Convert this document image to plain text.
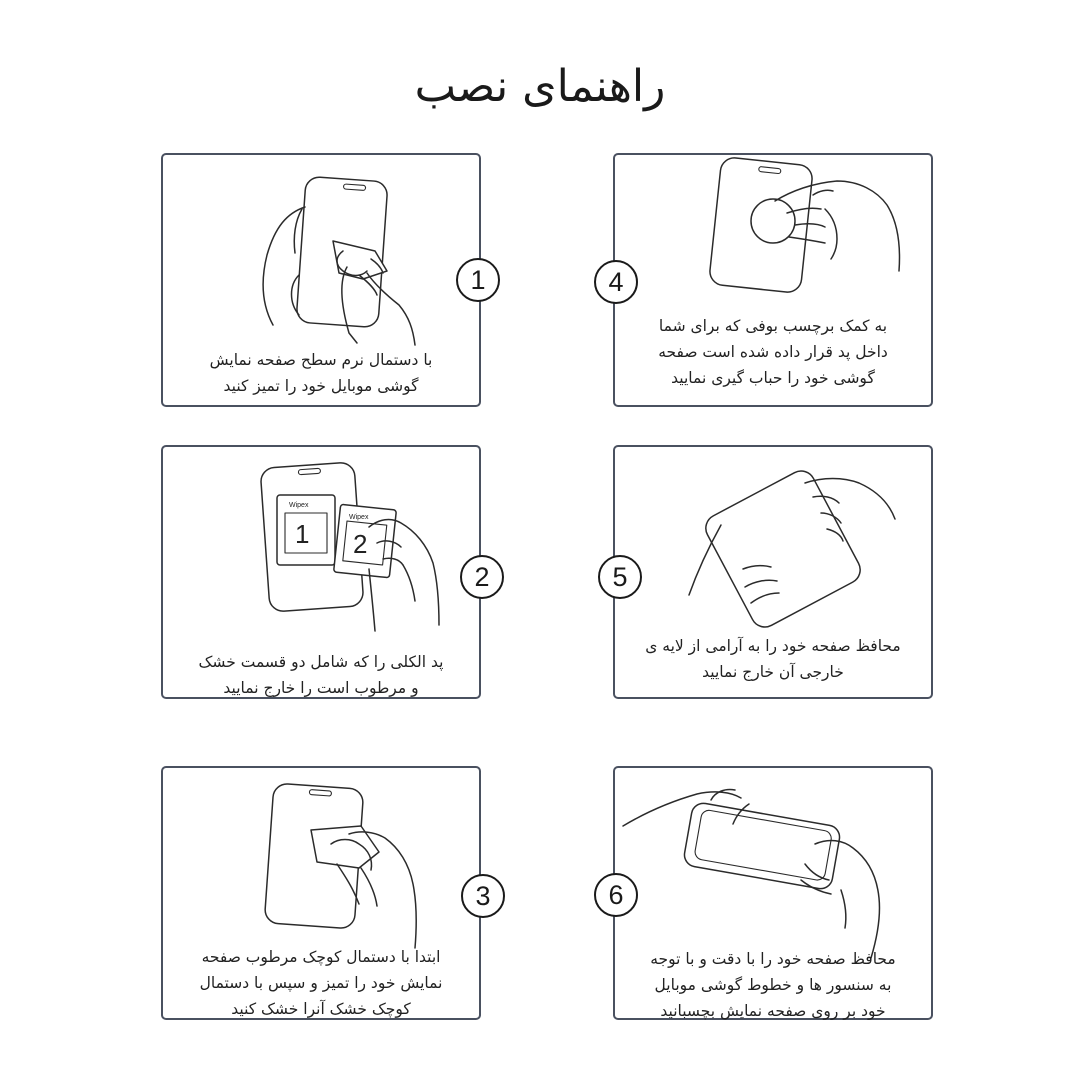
راهنمای نصب
با دستمال نرم سطح صفحه نمایش
گوشی موبایل خود را تمیز کنید
1
به کمک برچسب بوفی که برای شما
داخل پد قرار داده شده است صفحه
گوشی خود را حباب گیری نمایید
4
Wipex
1
Wipex
2
پد الکلی را که شامل دو قسمت خشک
و مرطوب است را خارج نمایید
2
محافظ صفحه خود را به آرامی از لایه ی
خارجی آن خارج نمایید
5
ابتدا با دستمال کوچک مرطوب صفحه
نمایش خود را تمیز و سپس با دستمال
کوچک خشک آنرا خشک کنید
3
محافظ صفحه خود را با دقت و با توجه
به سنسور ها و خطوط گوشی موبایل
خود بر روی صفحه نمایش بچسبانید
6
